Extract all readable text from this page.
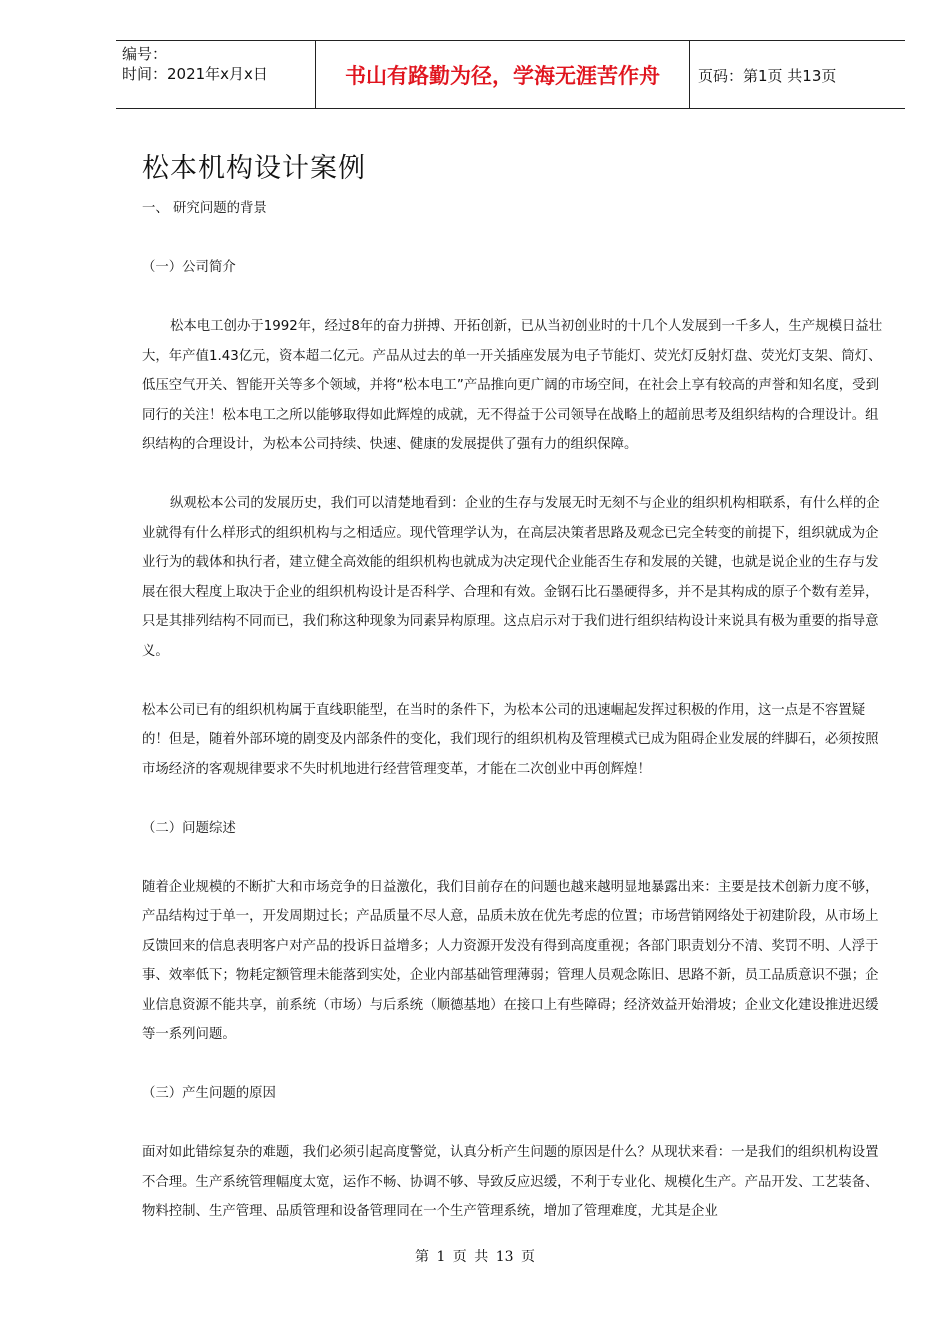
编号：
时间：2021年x月x日	书山有路勤为径，学海无涯苦作舟	页码：第1页 共13页
松本机构设计案例

一、 研究问题的背景

（一）公司简介

松本电工创办于1992年，经过8年的奋力拼搏、开拓创新，已从当初创业时的十几个人发展到一千多人，生产规模日益壮大，年产值1.43亿元，资本超二亿元。产品从过去的单一开关插座发展为电子节能灯、荧光灯反射灯盘、荧光灯支架、筒灯、低压空气开关、智能开关等多个领域，并将“松本电工”产品推向更广阔的市场空间，在社会上享有较高的声誉和知名度，受到同行的关注！松本电工之所以能够取得如此辉煌的成就，无不得益于公司领导在战略上的超前思考及组织结构的合理设计。组织结构的合理设计，为松本公司持续、快速、健康的发展提供了强有力的组织保障。

纵观松本公司的发展历史，我们可以清楚地看到：企业的生存与发展无时无刻不与企业的组织机构相联系，有什么样的企业就得有什么样形式的组织机构与之相适应。现代管理学认为，在高层决策者思路及观念已完全转变的前提下，组织就成为企业行为的载体和执行者，建立健全高效能的组织机构也就成为决定现代企业能否生存和发展的关键，也就是说企业的生存与发展在很大程度上取决于企业的组织机构设计是否科学、合理和有效。金钢石比石墨硬得多，并不是其构成的原子个数有差异，只是其排列结构不同而已，我们称这种现象为同素异构原理。这点启示对于我们进行组织结构设计来说具有极为重要的指导意义。

松本公司已有的组织机构属于直线职能型，在当时的条件下，为松本公司的迅速崛起发挥过积极的作用，这一点是不容置疑的！但是，随着外部环境的剧变及内部条件的变化，我们现行的组织机构及管理模式已成为阻碍企业发展的绊脚石，必须按照市场经济的客观规律要求不失时机地进行经营管理变革，才能在二次创业中再创辉煌！

（二）问题综述

随着企业规模的不断扩大和市场竞争的日益激化，我们目前存在的问题也越来越明显地暴露出来：主要是技术创新力度不够，产品结构过于单一，开发周期过长；产品质量不尽人意，品质未放在优先考虑的位置；市场营销网络处于初建阶段，从市场上反馈回来的信息表明客户对产品的投诉日益增多；人力资源开发没有得到高度重视；各部门职责划分不清、奖罚不明、人浮于事、效率低下；物耗定额管理未能落到实处，企业内部基础管理薄弱；管理人员观念陈旧、思路不新，员工品质意识不强；企业信息资源不能共享，前系统（市场）与后系统（顺德基地）在接口上有些障碍；经济效益开始滑坡；企业文化建设推进迟缓等一系列问题。

（三）产生问题的原因

面对如此错综复杂的难题，我们必须引起高度警觉，认真分析产生问题的原因是什么？从现状来看：一是我们的组织机构设置不合理。生产系统管理幅度太宽，运作不畅、协调不够、导致反应迟缓，不利于专业化、规模化生产。产品开发、工艺装备、物料控制、生产管理、品质管理和设备管理同在一个生产管理系统，增加了管理难度，尤其是企业

第 1 页 共 13 页
